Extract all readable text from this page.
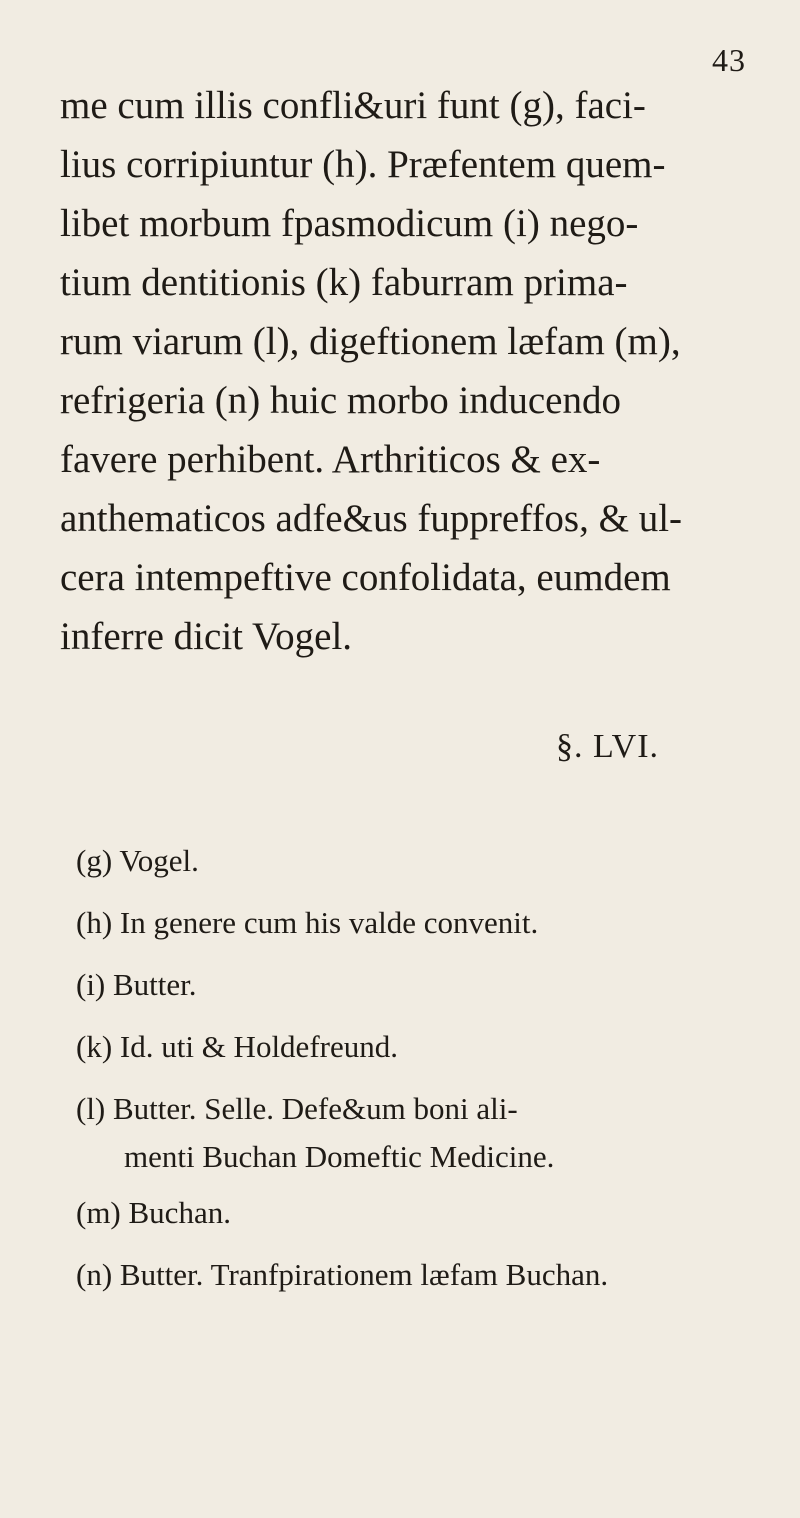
43
me cum illis confli&uri funt (g), faci-
lius corripiuntur (h). Præfentem quem-
libet morbum fpasmodicum (i) nego-
tium dentitionis (k) faburram prima-
rum viarum (l), digeftionem læfam (m),
refrigeria (n) huic morbo inducendo
favere perhibent. Arthriticos & ex-
anthematicos adfe&us fuppreffos, & ul-
cera intempeftive confolidata, eumdem
inferre dicit Vogel.
§. LVI.
(g) Vogel.
(h) In genere cum his valde convenit.
(i) Butter.
(k) Id. uti & Holdefreund.
(l) Butter. Selle. Defe&um boni ali-
menti Buchan Domeftic Medicine.
(m) Buchan.
(n) Butter. Tranfpirationem læfam Buchan.
